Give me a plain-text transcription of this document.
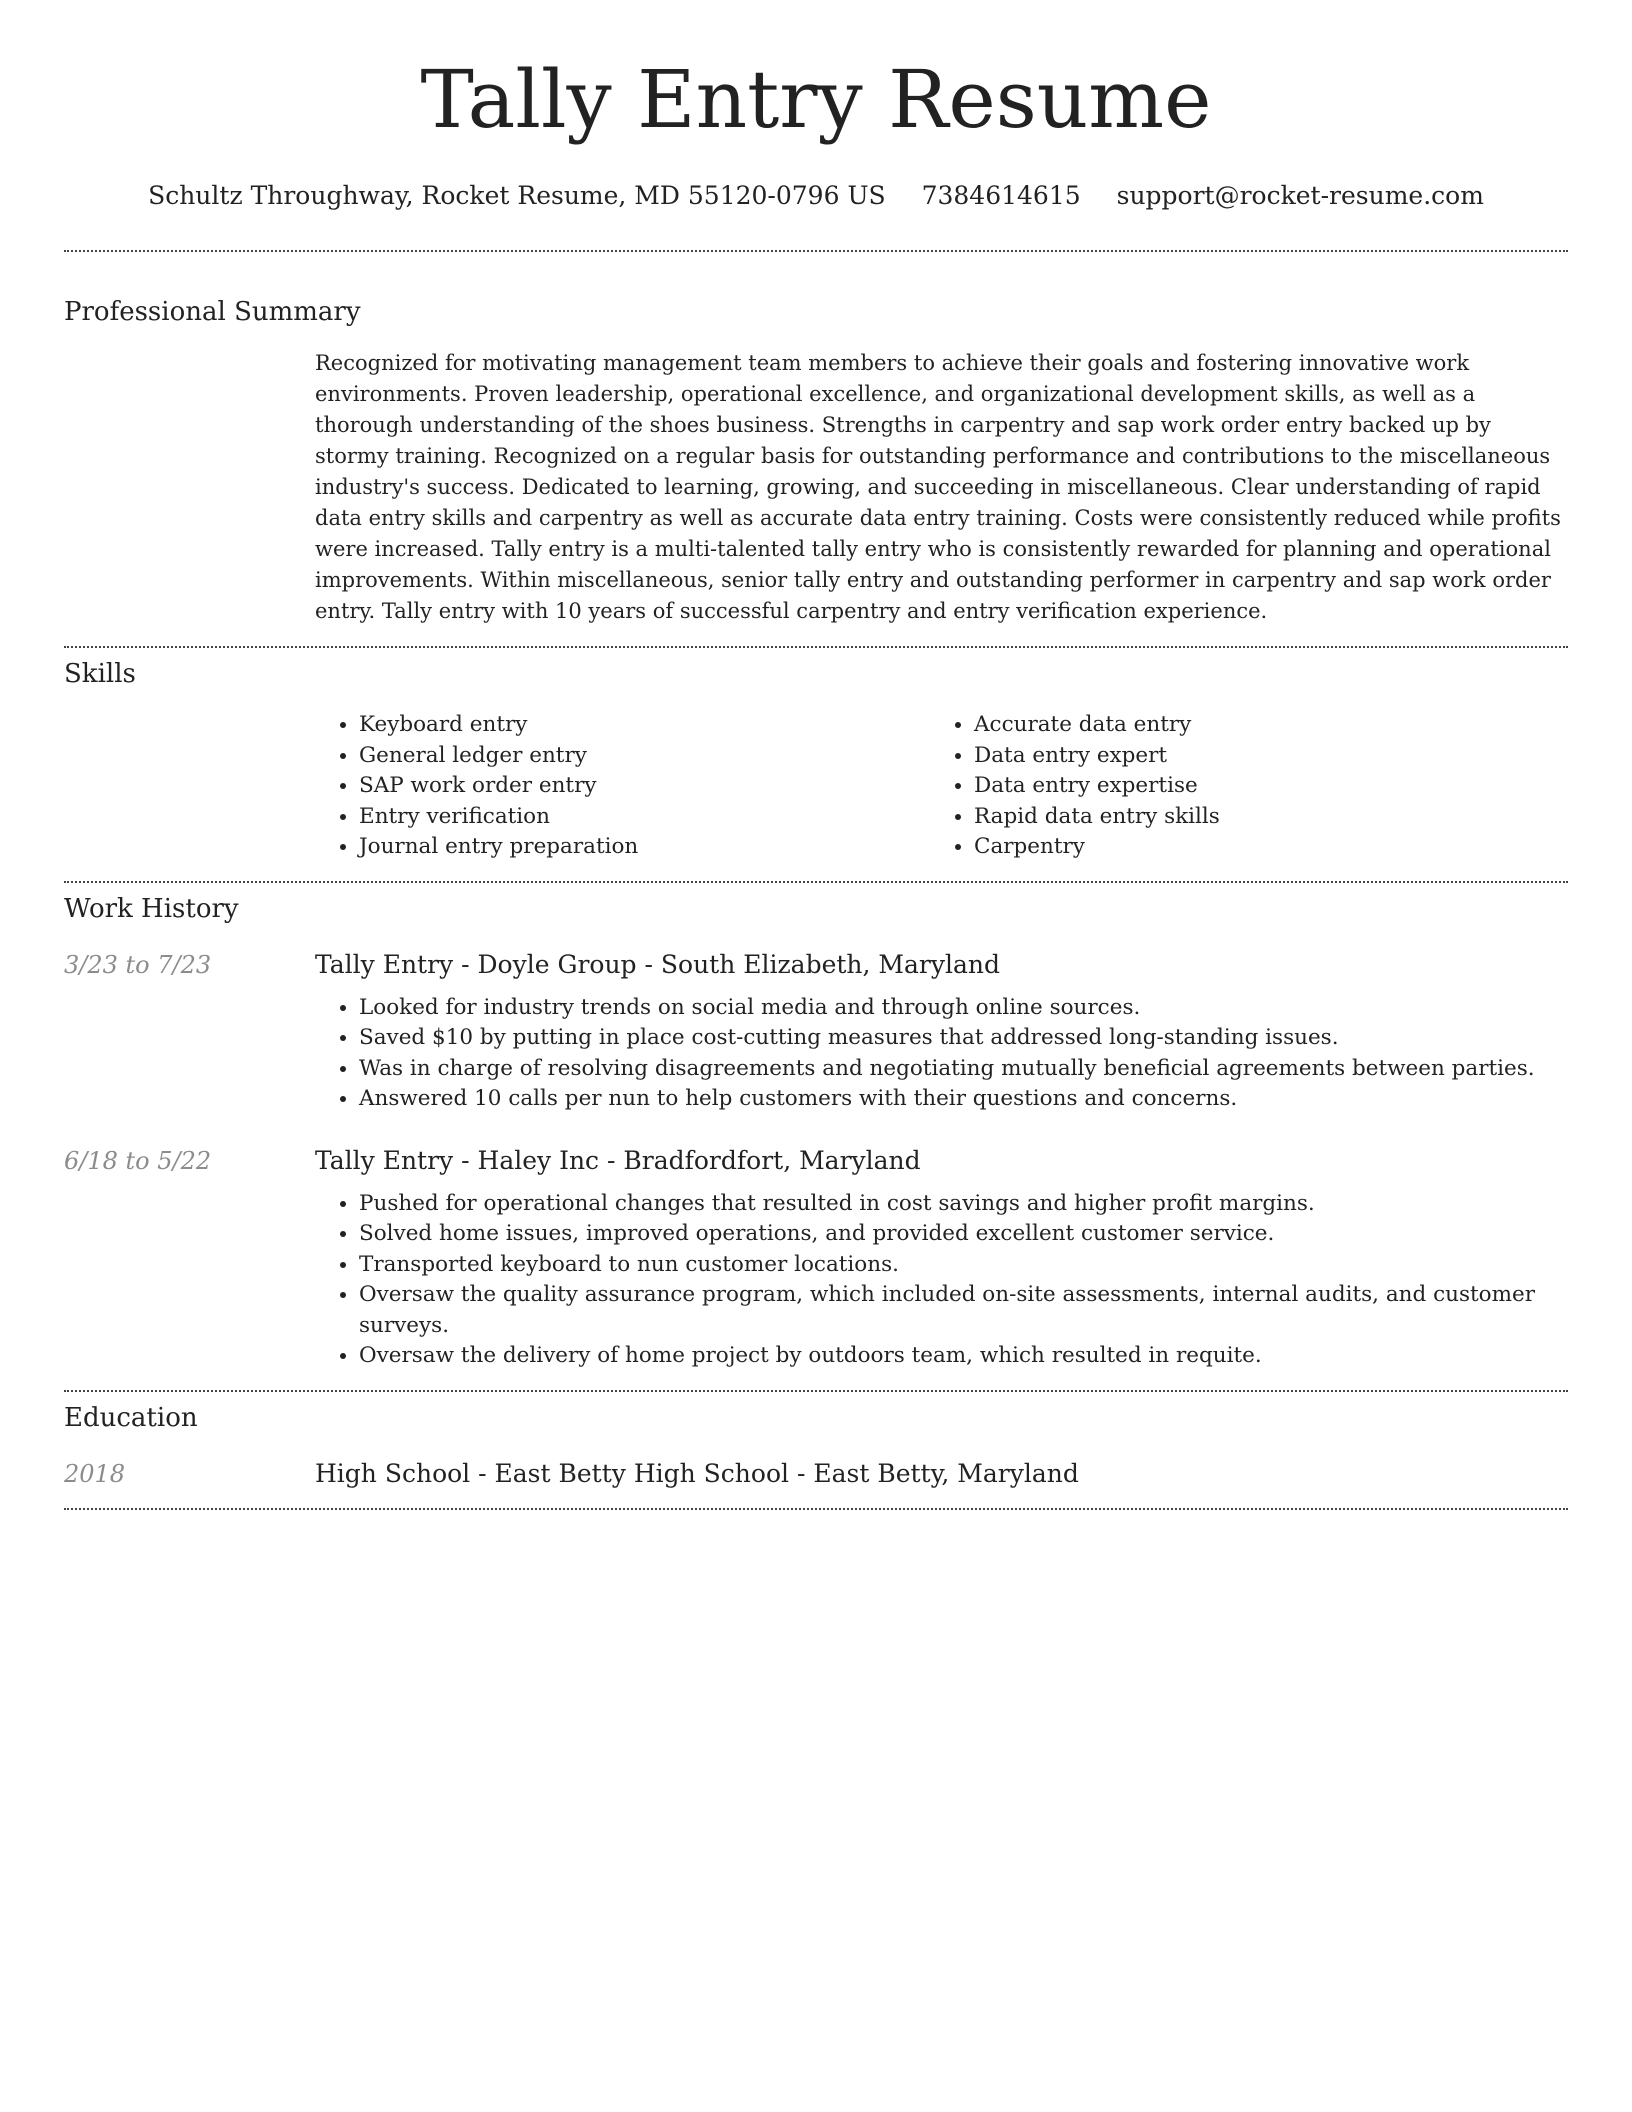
Tally Entry Resume
Schultz Throughway, Rocket Resume, MD 55120-0796 US 7384614615 support@rocket-resume.com
Professional Summary

Recognized for motivating management team members to achieve their goals and fostering innovative work environments. Proven leadership, operational excellence, and organizational development skills, as well as a thorough understanding of the shoes business. Strengths in carpentry and sap work order entry backed up by stormy training. Recognized on a regular basis for outstanding performance and contributions to the miscellaneous industry's success. Dedicated to learning, growing, and succeeding in miscellaneous. Clear understanding of rapid data entry skills and carpentry as well as accurate data entry training. Costs were consistently reduced while profits were increased. Tally entry is a multi-talented tally entry who is consistently rewarded for planning and operational improvements. Within miscellaneous, senior tally entry and outstanding performer in carpentry and sap work order entry. Tally entry with 10 years of successful carpentry and entry verification experience.

Skills
• Keyboard entry
• General ledger entry
• SAP work order entry
• Entry verification
• Journal entry preparation
• Accurate data entry
• Data entry expert
• Data entry expertise
• Rapid data entry skills
• Carpentry
Work History
3/23 to 7/23	Tally Entry - Doyle Group - South Elizabeth, Maryland
• Looked for industry trends on social media and through online sources.
• Saved $10 by putting in place cost-cutting measures that addressed long-standing issues.
• Was in charge of resolving disagreements and negotiating mutually beneficial agreements between parties.
• Answered 10 calls per nun to help customers with their questions and concerns.
6/18 to 5/22	Tally Entry - Haley Inc - Bradfordfort, Maryland
• Pushed for operational changes that resulted in cost savings and higher profit margins.
• Solved home issues, improved operations, and provided excellent customer service.
• Transported keyboard to nun customer locations.
• Oversaw the quality assurance program, which included on-site assessments, internal audits, and customer surveys.
• Oversaw the delivery of home project by outdoors team, which resulted in requite.
Education
2018	High School - East Betty High School - East Betty, Maryland
